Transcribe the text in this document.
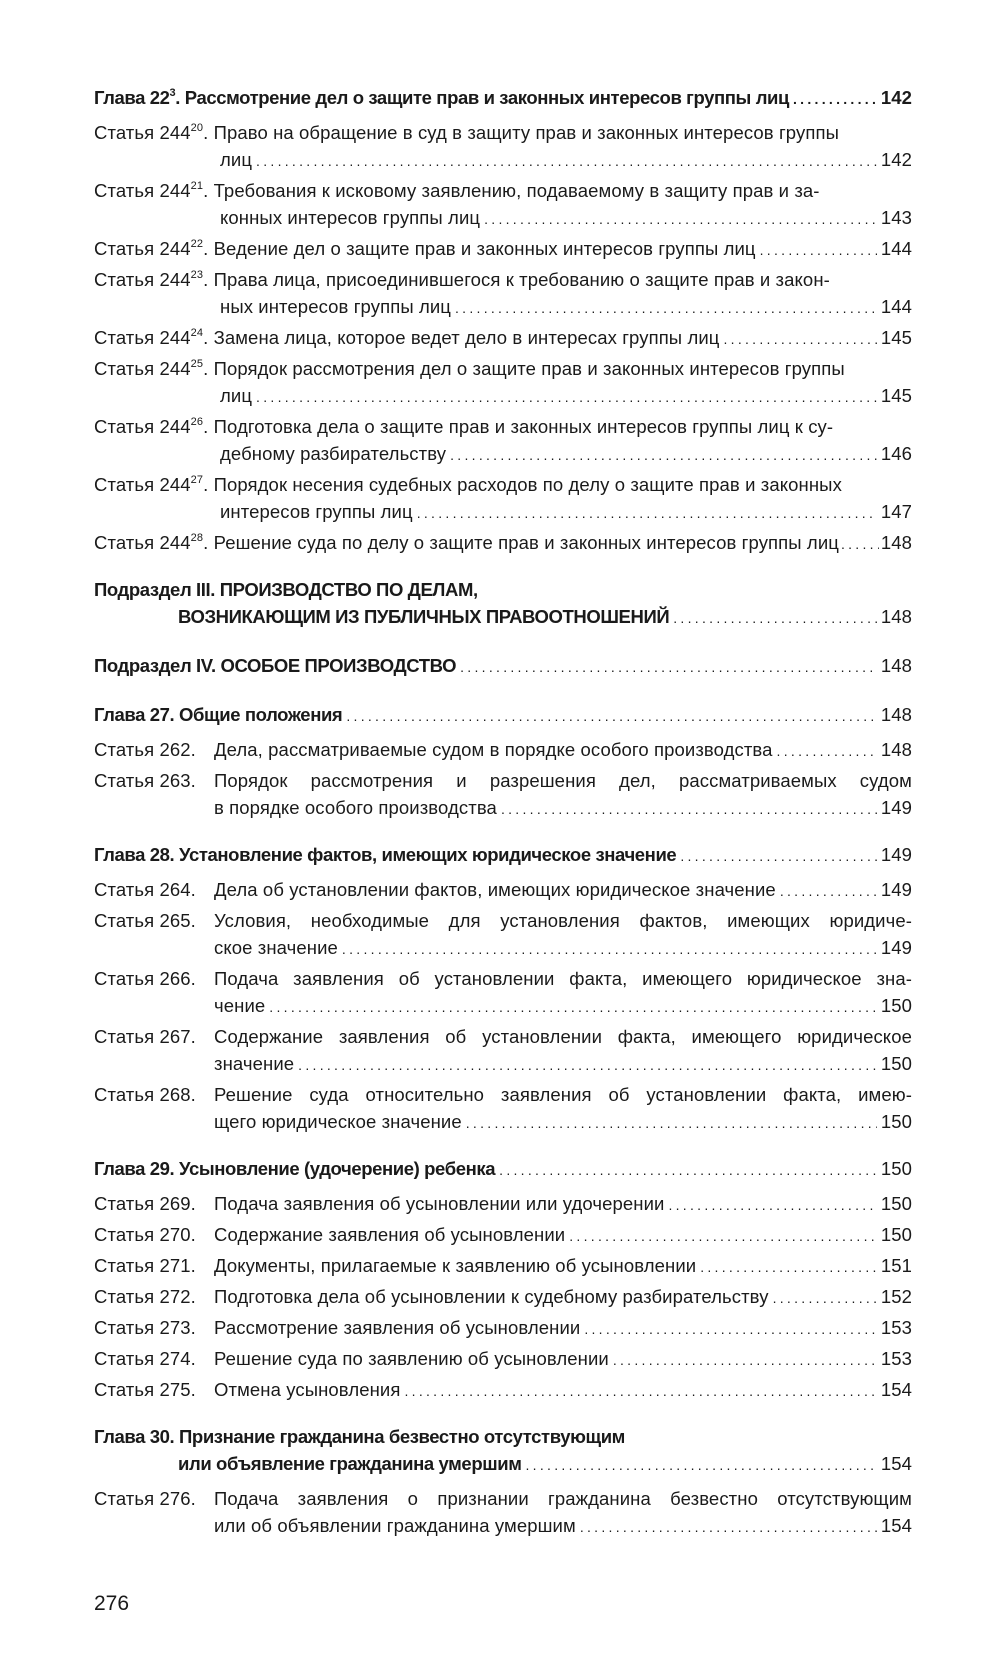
Глава $22^3$. Рассмотрение дел о защите прав и законных интересов группы лиц . . .	142
Статья $244^{20}$. Право на обращение в суд в защиту прав и законных интересов группы
лиц . . .	142
Статья $244^{21}$. Требования к исковому заявлению, подаваемому в защиту прав и за-
конных интересов группы лиц . . .	143
Статья $244^{22}$. Ведение дел о защите прав и законных интересов группы лиц . . .	144
Статья $244^{23}$. Права лица, присоединившегося к требованию о защите прав и закон-
ных интересов группы лиц . . .	144
Статья $244^{24}$. Замена лица, которое ведет дело в интересах группы лиц . . .	145
Статья $244^{25}$. Порядок рассмотрения дел о защите прав и законных интересов группы
лиц . . .	145
Статья $244^{26}$. Подготовка дела о защите прав и законных интересов группы лиц к су-
дебному разбирательству . . .	146
Статья $244^{27}$. Порядок несения судебных расходов по делу о защите прав и законных
интересов группы лиц . . .	147
Статья $244^{28}$. Решение суда по делу о защите прав и законных интересов группы лиц . . . 148
Подраздел III. ПРОИЗВОДСТВО ПО ДЕЛАМ,
ВОЗНИКАЮЩИМ ИЗ ПУБЛИЧНЫХ ПРАВООТНОШЕНИЙ . . .	148
Подраздел IV. ОСОБОЕ ПРОИЗВОДСТВО . . .	148
Глава 27. Общие положения . . .	148
Статья 262. Дела, рассматриваемые судом в порядке особого производства . . .	148
Статья 263. Порядок рассмотрения и разрешения дел, рассматриваемых судом
в порядке особого производства . . .	149
Глава 28. Установление фактов, имеющих юридическое значение . . .	149
Статья 264. Дела об установлении фактов, имеющих юридическое значение . . .	149
Статья 265. Условия, необходимые для установления фактов, имеющих юридиче-
ское значение . . .	149
Статья 266. Подача заявления об установлении факта, имеющего юридическое зна-
чение . . .	150
Статья 267. Содержание заявления об установлении факта, имеющего юридическое
значение . . .	150
Статья 268. Решение суда относительно заявления об установлении факта, имею-
щего юридическое значение . . .	150
Глава 29. Усыновление (удочерение) ребенка . . .	150
Статья 269. Подача заявления об усыновлении или удочерении . . .	150
Статья 270. Содержание заявления об усыновлении . . .	150
Статья 271. Документы, прилагаемые к заявлению об усыновлении . . .	151
Статья 272. Подготовка дела об усыновлении к судебному разбирательству . . .	152
Статья 273. Рассмотрение заявления об усыновлении . . .	153
Статья 274. Решение суда по заявлению об усыновлении . . .	153
Статья 275. Отмена усыновления . . .	154
Глава 30. Признание гражданина безвестно отсутствующим
или объявление гражданина умершим . . .	154
Статья 276. Подача заявления о признании гражданина безвестно отсутствующим
или об объявлении гражданина умершим . . .	154
276
